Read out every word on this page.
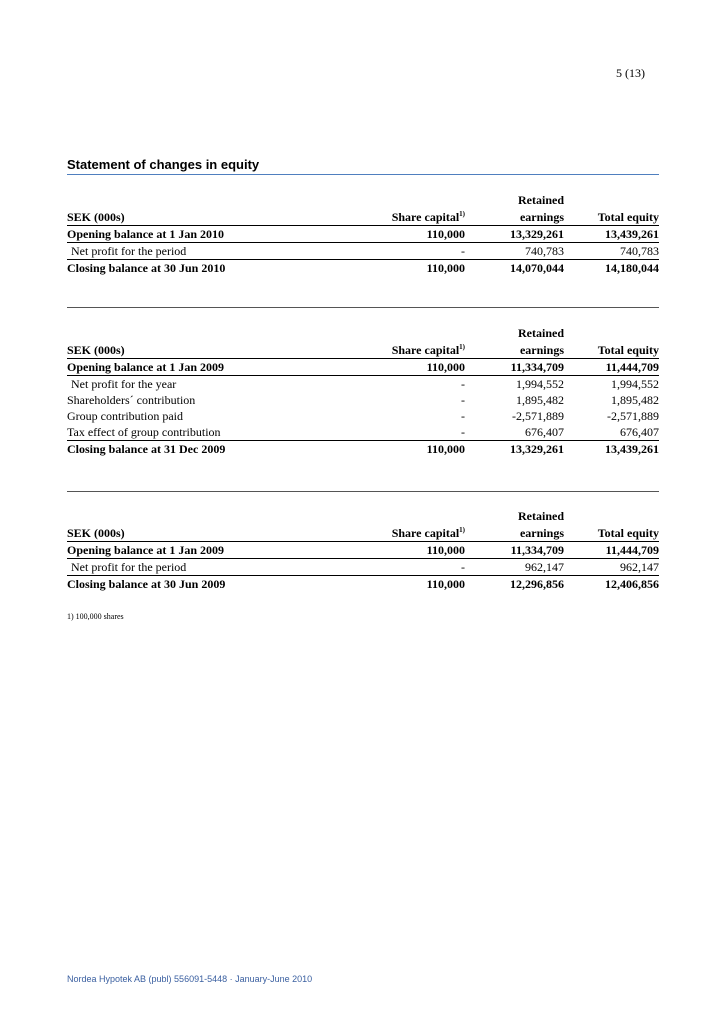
5 (13)
Statement of changes in equity
Retained
SEK (000s)	Share capital$^{1)}$	earnings	Total equity
Opening balance at 1 Jan 2010	110,000	13,329,261	13,439,261
Net profit for the period	-	740,783	740,783
Closing balance at 30 Jun 2010	110,000	14,070,044	14,180,044
Retained
SEK (000s)	Share capital$^{1)}$	earnings	Total equity
Opening balance at 1 Jan 2009	110,000	11,334,709	11,444,709
Net profit for the year	-	1,994,552	1,994,552
Shareholders´ contribution	-	1,895,482	1,895,482
Group contribution paid	-	-2,571,889	-2,571,889
Tax effect of group contribution	-	676,407	676,407
Closing balance at 31 Dec 2009	110,000	13,329,261	13,439,261
Retained
SEK (000s)	Share capital$^{1)}$	earnings	Total equity
Opening balance at 1 Jan 2009	110,000	11,334,709	11,444,709
Net profit for the period	-	962,147	962,147
Closing balance at 30 Jun 2009	110,000	12,296,856	12,406,856
1) 100,000 shares
Nordea Hypotek AB (publ) 556091-5448 · January-June 2010
